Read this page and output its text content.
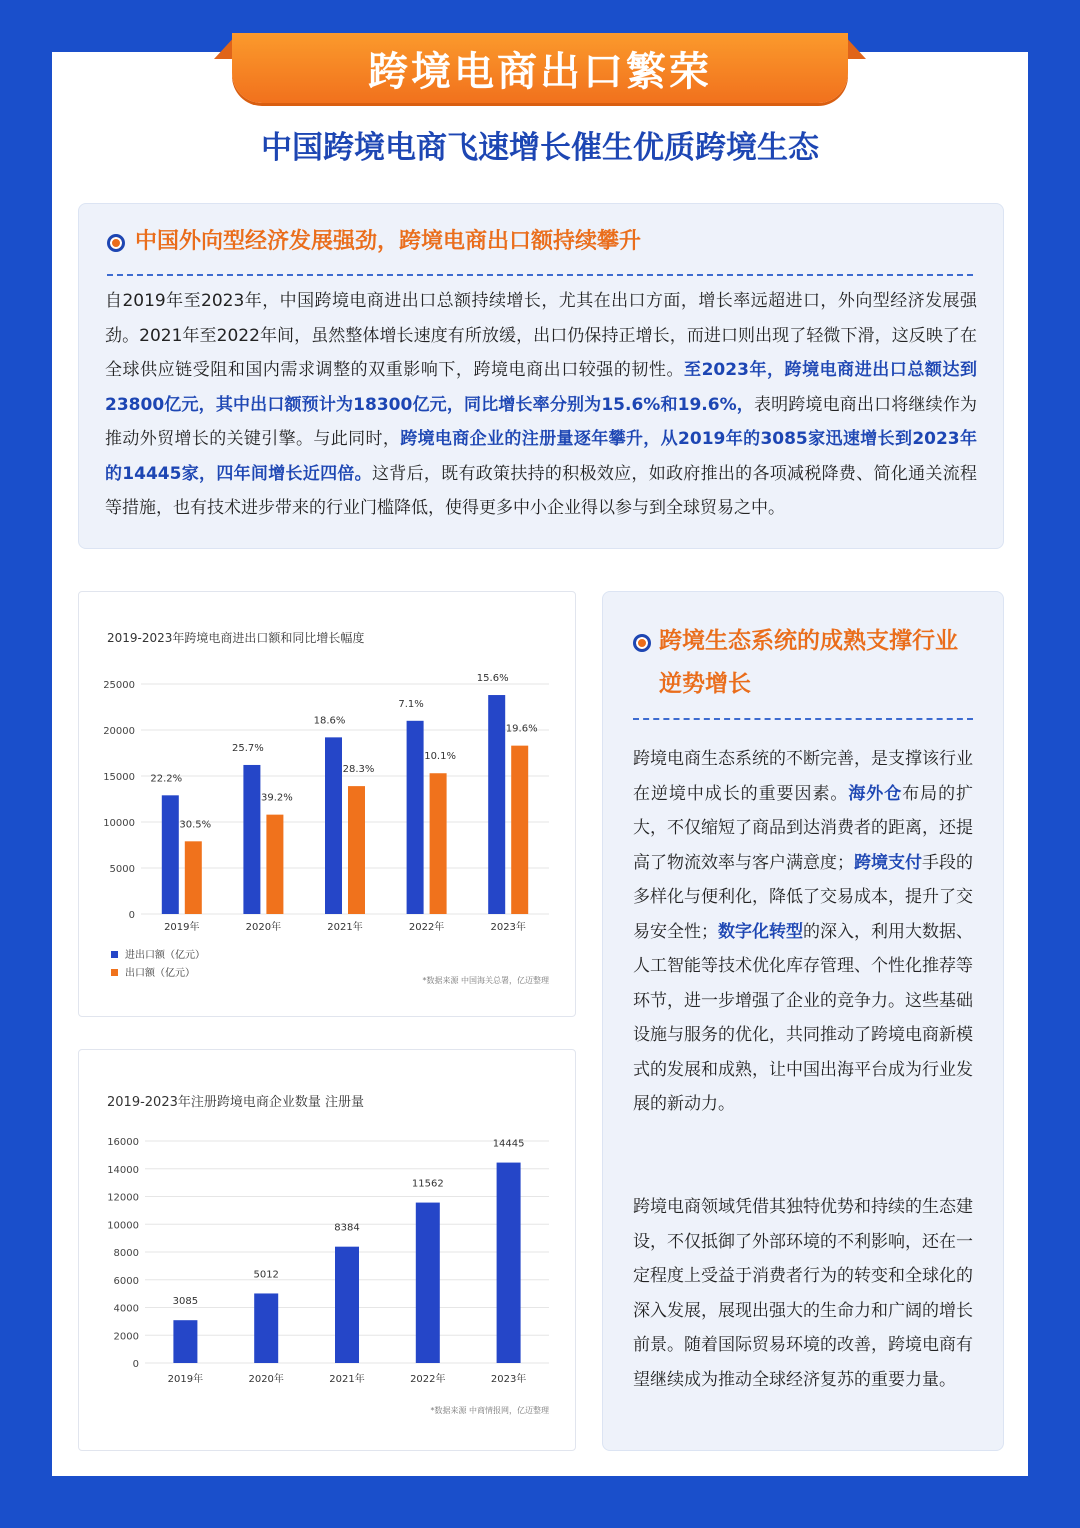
跨境电商出口繁荣
中国跨境电商飞速增长催生优质跨境生态
中国外向型经济发展强劲，跨境电商出口额持续攀升
自2019年至2023年，中国跨境电商进出口总额持续增长，尤其在出口方面，增长率远超进口，外向型经济发展强劲。2021年至2022年间，虽然整体增长速度有所放缓，出口仍保持正增长，而进口则出现了轻微下滑，这反映了在全球供应链受阻和国内需求调整的双重影响下，跨境电商出口较强的韧性。至2023年，跨境电商进出口总额达到23800亿元，其中出口额预计为18300亿元，同比增长率分别为15.6%和19.6%，表明跨境电商出口将继续作为推动外贸增长的关键引擎。与此同时，跨境电商企业的注册量逐年攀升，从2019年的3085家迅速增长到2023年的14445家，四年间增长近四倍。这背后，既有政策扶持的积极效应，如政府推出的各项减税降费、简化通关流程等措施，也有技术进步带来的行业门槛降低，使得更多中小企业得以参与到全球贸易之中。
2019-2023年跨境电商进出口额和同比增长幅度
0
5000
10000
15000
20000
25000
22.2%
30.5%
2019年
25.7%
39.2%
2020年
18.6%
28.3%
2021年
7.1%
10.1%
2022年
15.6%
19.6%
2023年
进出口额（亿元）
出口额（亿元）
*数据来源 中国海关总署，亿迈整理
2019-2023年注册跨境电商企业数量 注册量
0
2000
4000
6000
8000
10000
12000
14000
16000
3085
2019年
5012
2020年
8384
2021年
11562
2022年
14445
2023年
*数据来源 中商情报网，亿迈整理
跨境生态系统的成熟支撑行业逆势增长
跨境电商生态系统的不断完善，是支撑该行业在逆境中成长的重要因素。海外仓布局的扩大，不仅缩短了商品到达消费者的距离，还提高了物流效率与客户满意度；跨境支付手段的多样化与便利化，降低了交易成本，提升了交易安全性；数字化转型的深入，利用大数据、人工智能等技术优化库存管理、个性化推荐等环节，进一步增强了企业的竞争力。这些基础设施与服务的优化，共同推动了跨境电商新模式的发展和成熟，让中国出海平台成为行业发展的新动力。
跨境电商领域凭借其独特优势和持续的生态建设，不仅抵御了外部环境的不利影响，还在一定程度上受益于消费者行为的转变和全球化的深入发展，展现出强大的生命力和广阔的增长前景。随着国际贸易环境的改善，跨境电商有望继续成为推动全球经济复苏的重要力量。
